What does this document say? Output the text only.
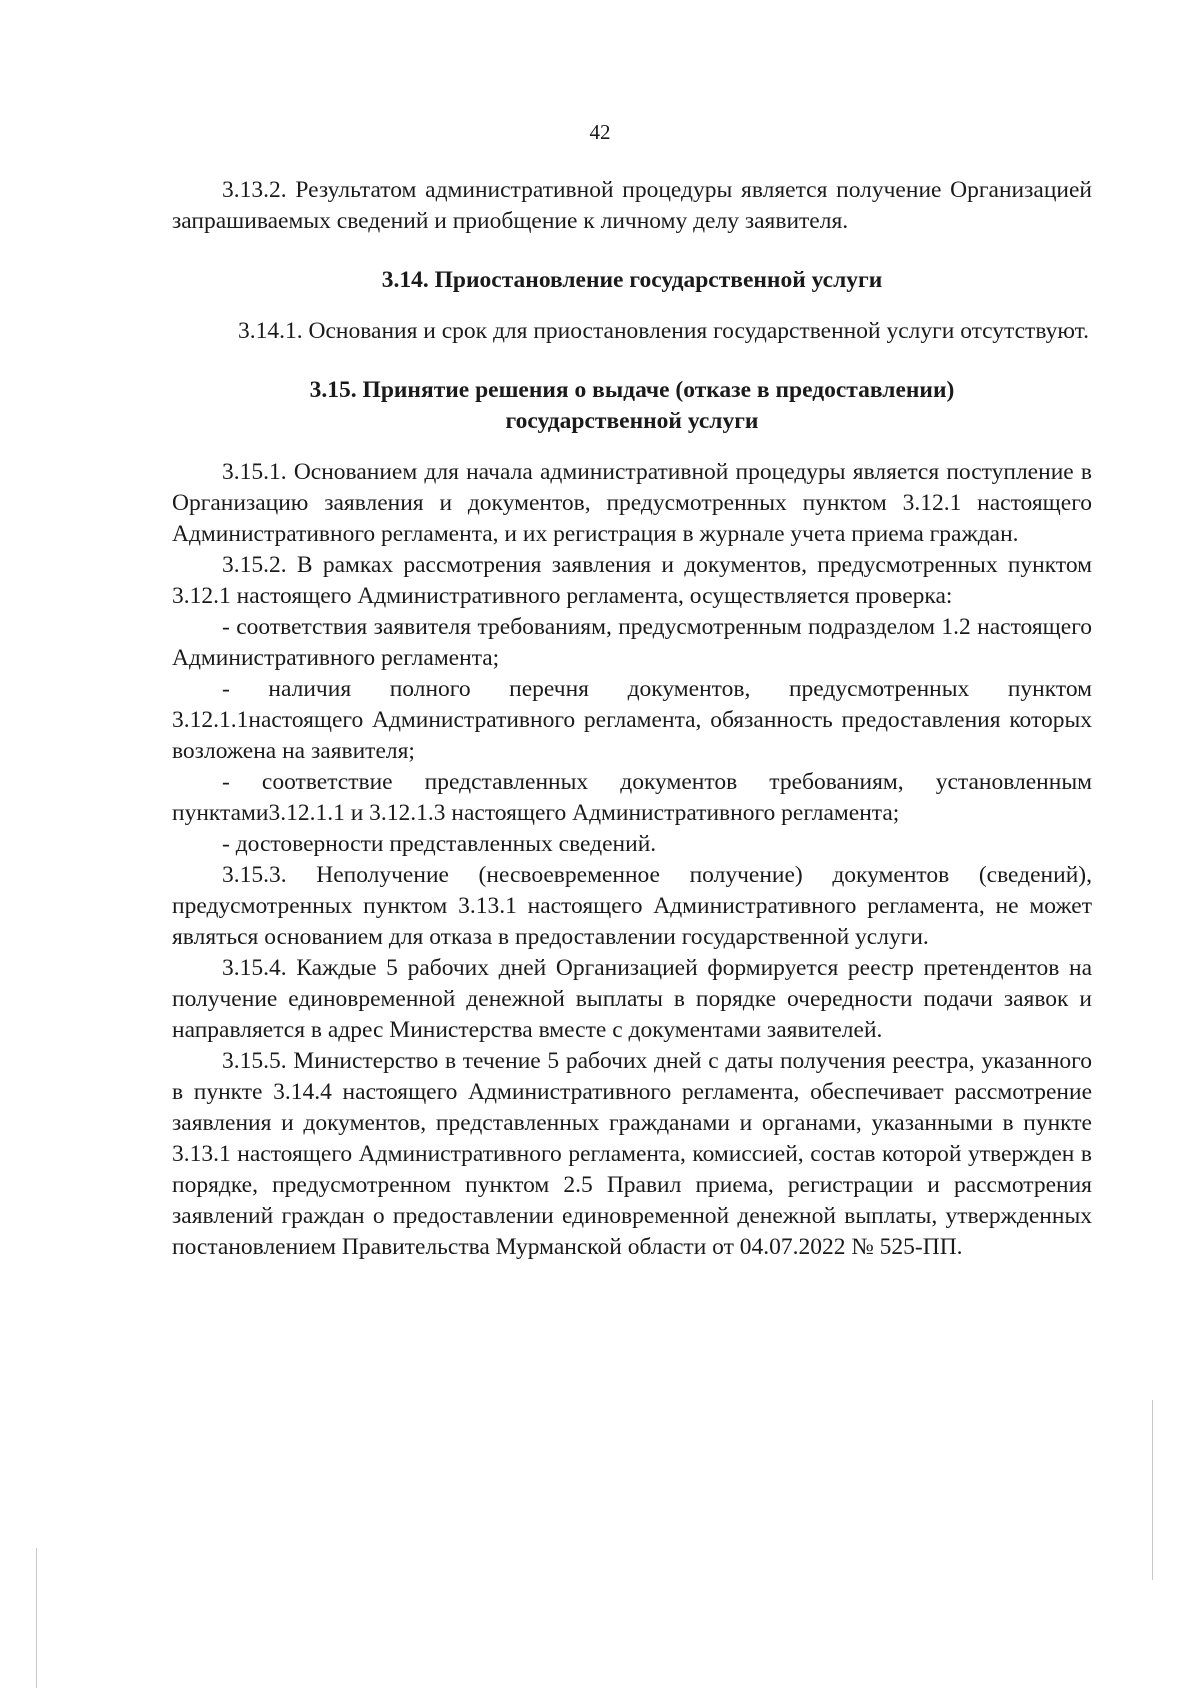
42

3.13.2. Результатом административной процедуры является получение Организацией запрашиваемых сведений и приобщение к личному делу заявителя.

3.14. Приостановление государственной услуги

3.14.1. Основания и срок для приостановления государственной услуги отсутствуют.

3.15. Принятие решения о выдаче (отказе в предоставлении)

государственной услуги

3.15.1. Основанием для начала административной процедуры является поступление в Организацию заявления и документов, предусмотренных пунктом 3.12.1 настоящего Административного регламента, и их регистрация в журнале учета приема граждан.

3.15.2. В рамках рассмотрения заявления и документов, предусмотренных пунктом 3.12.1 настоящего Административного регламента, осуществляется проверка:

- соответствия заявителя требованиям, предусмотренным подразделом 1.2 настоящего Административного регламента;

- наличия полного перечня документов, предусмотренных пунктом 3.12.1.1настоящего Административного регламента, обязанность предоставления которых возложена на заявителя;

- соответствие представленных документов требованиям, установленным пунктами3.12.1.1 и 3.12.1.3 настоящего Административного регламента;

- достоверности представленных сведений.

3.15.3. Неполучение (несвоевременное получение) документов (сведений), предусмотренных пунктом 3.13.1 настоящего Административного регламента, не может являться основанием для отказа в предоставлении государственной услуги.

3.15.4. Каждые 5 рабочих дней Организацией формируется реестр претендентов на получение единовременной денежной выплаты в порядке очередности подачи заявок и направляется в адрес Министерства вместе с документами заявителей.

3.15.5. Министерство в течение 5 рабочих дней с даты получения реестра, указанного в пункте 3.14.4 настоящего Административного регламента, обеспечивает рассмотрение заявления и документов, представленных гражданами и органами, указанными в пункте 3.13.1 настоящего Административного регламента, комиссией, состав которой утвержден в порядке, предусмотренном пунктом 2.5 Правил приема, регистрации и рассмотрения заявлений граждан о предоставлении единовременной денежной выплаты, утвержденных постановлением Правительства Мурманской области от 04.07.2022 № 525-ПП.
